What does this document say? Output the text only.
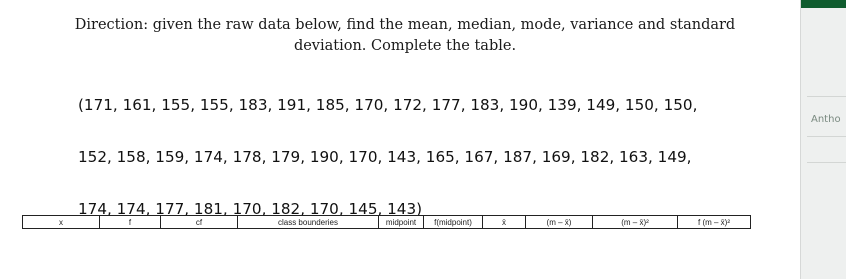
Direction: given the raw data below, find the mean, median, mode, variance and standard
deviation. Complete the table.

(171, 161, 155, 155, 183, 191, 185, 170, 172, 177, 183, 190, 139, 149, 150, 150,

152, 158, 159, 174, 178, 179, 190, 170, 143, 165, 167, 187, 169, 182, 163, 149,

174, 174, 177, 181, 170, 182, 170, 145, 143)

x	f	cf	class bounderies	midpoint	f(midpoint)	x̄	(m – x̄)	(m – x̄)²	f (m – x̄)²
Antho
